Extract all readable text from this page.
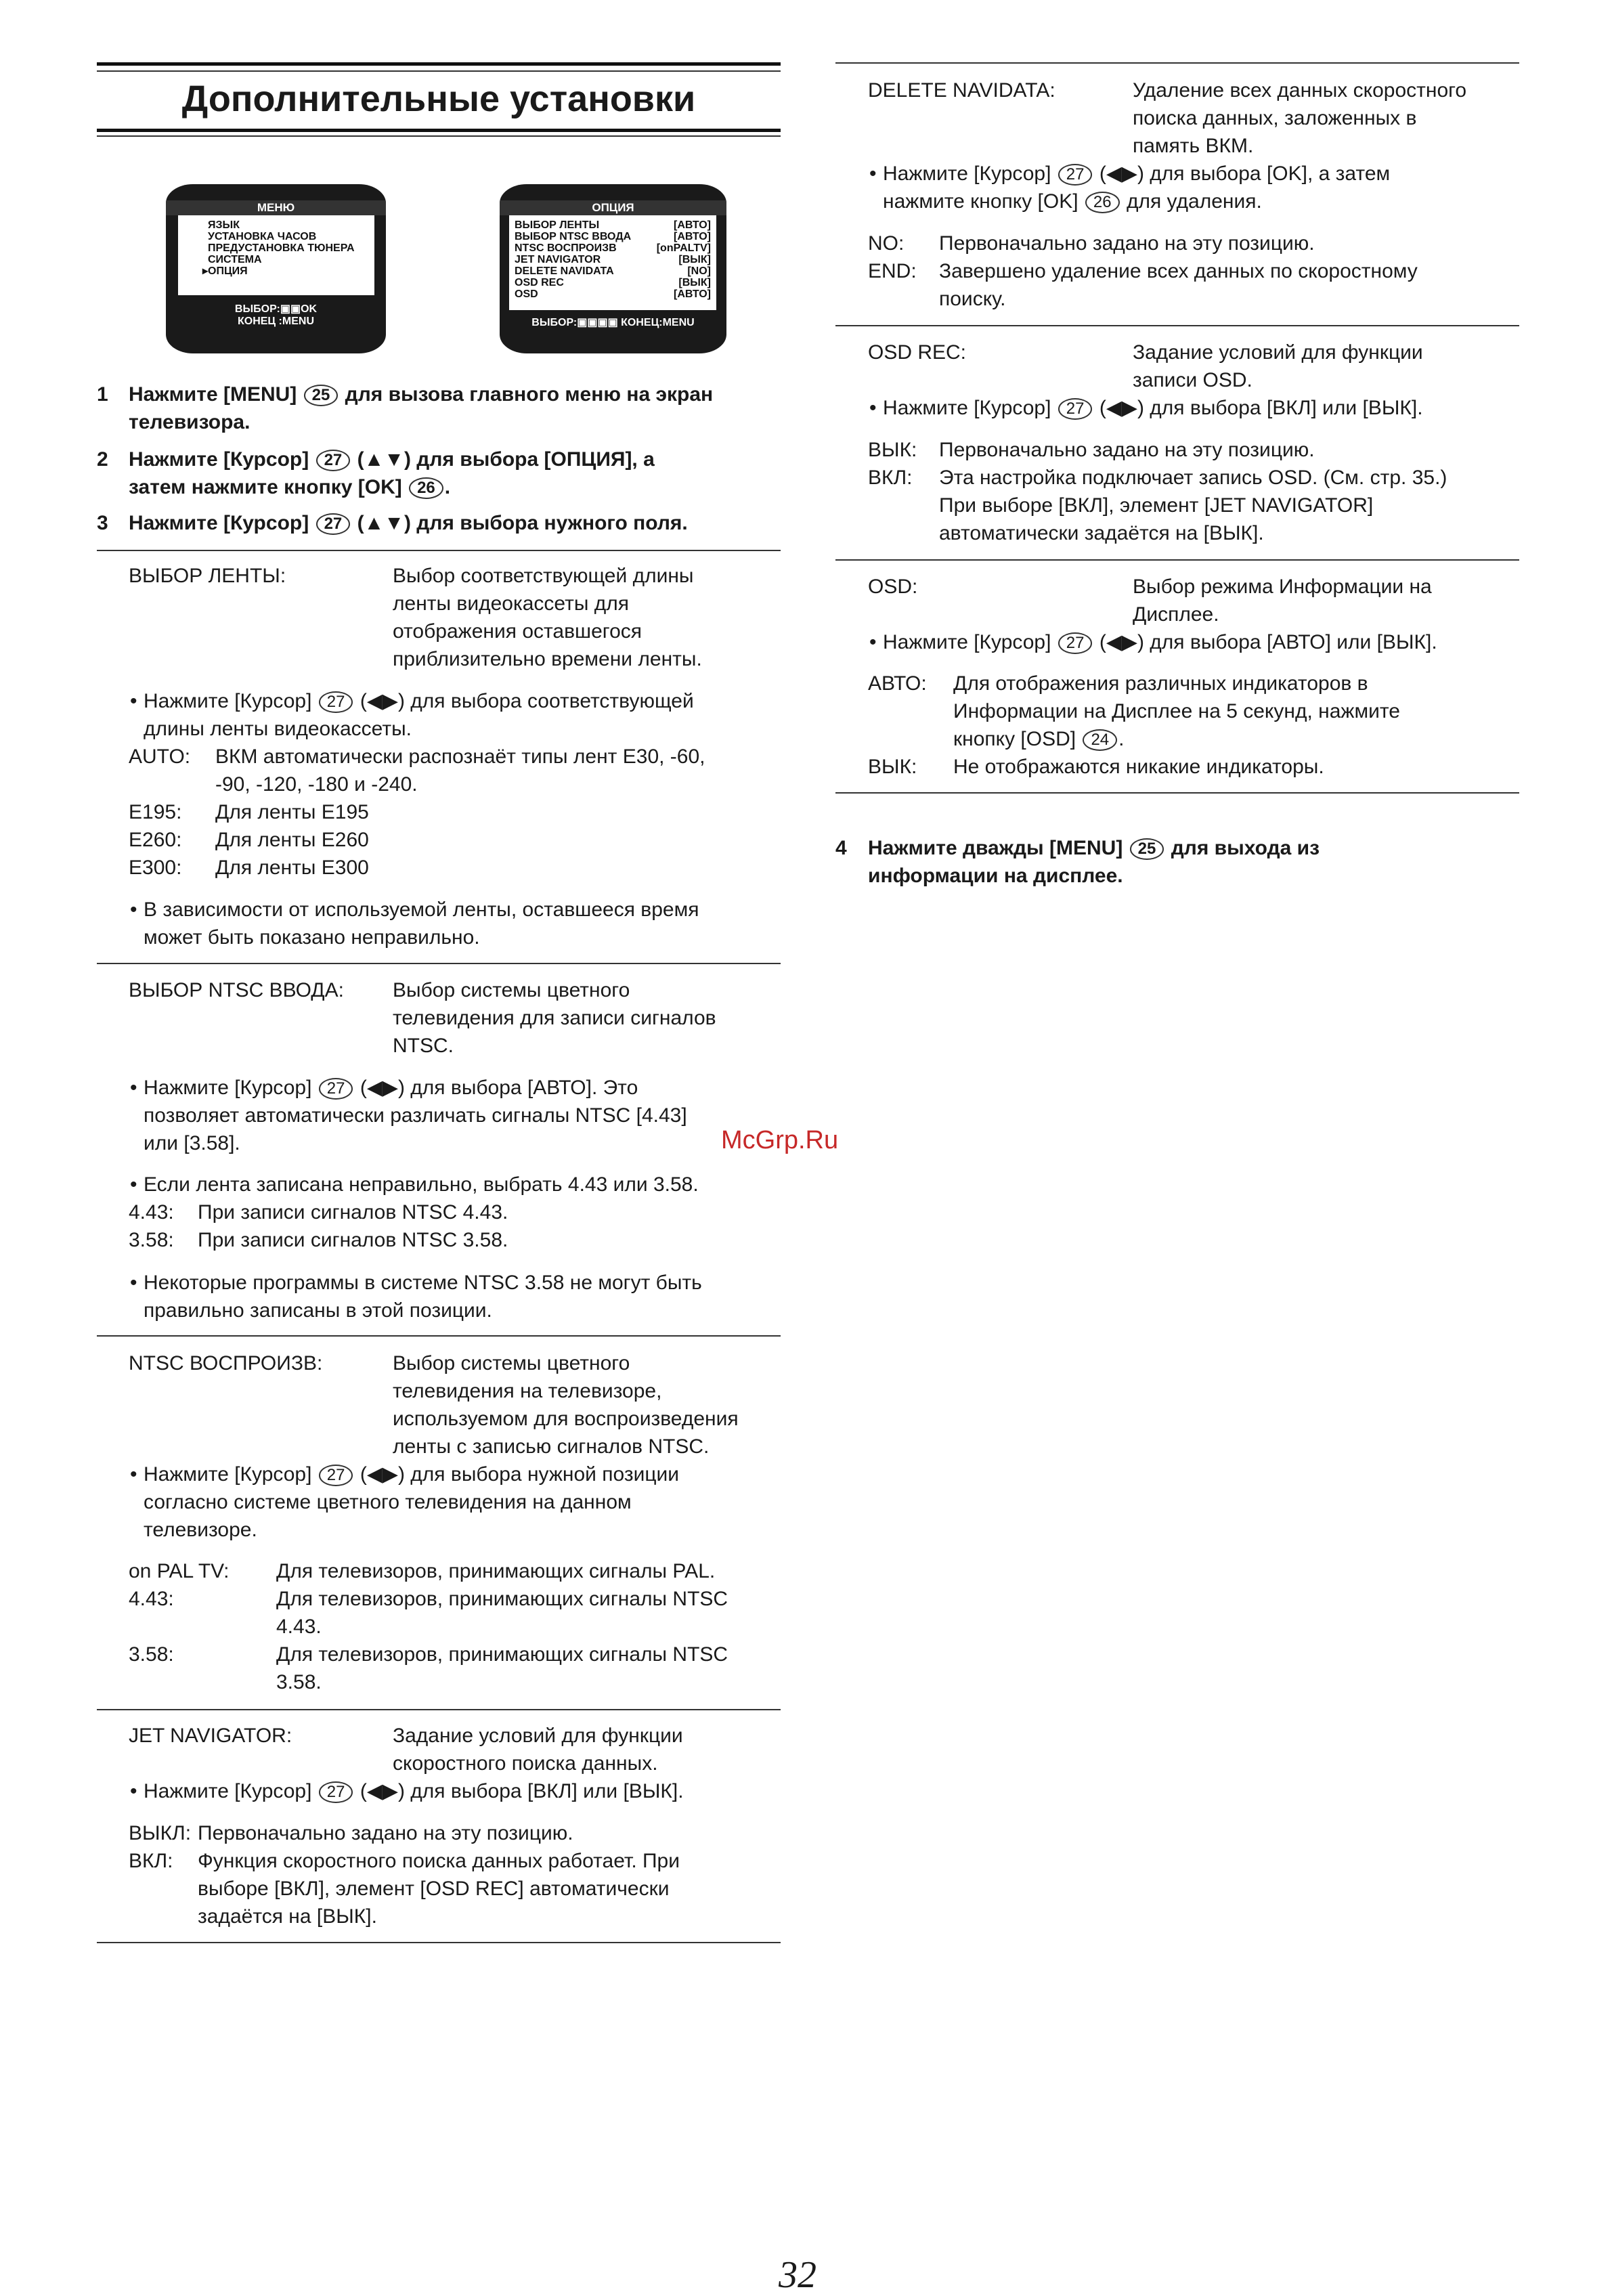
Дополнительные установки
МЕНЮ
ЯЗЫК
УСТАНОВКА ЧАСОВ
ПРЕДУСТАНОВКА ТЮНЕРА
СИСТЕМА
▸ОПЦИЯ
ВЫБОР:▣▣OK
КОНЕЦ :MENU
ОПЦИЯ
ВЫБОР ЛЕНТЫ	[АВТО]
ВЫБОР NTSC ВВОДА	[АВТО]
NTSC ВОСПРОИЗВ	[onPALTV]
JET NAVIGATOR	[ВЫК]
DELETE NAVIDATA	[NO]
OSD REC	[ВЫК]
OSD	[АВТО]
ВЫБОР:▣▣▣▣ КОНЕЦ:MENU
1 Нажмите [MENU] 25 для вызова главного меню на экран
телевизора.
2 Нажмите [Курсор] 27 (▲▼) для выбора [ОПЦИЯ], а
затем нажмите кнопку [OK] 26 .
3 Нажмите [Курсор] 27 (▲▼) для выбора нужного поля.
ВЫБОР ЛЕНТЫ:	Выбор соответствующей длины
ленты видеокассеты для
отображения оставшегося
приблизительно времени ленты.
• Нажмите [Курсор] 27 (◀▶) для выбора соответствующей
длины ленты видеокассеты.
AUTO: ВКМ автоматически распознаёт типы лент Е30, -60,
-90, -120, -180 и -240.
E195: Для ленты E195
E260: Для ленты E260
E300: Для ленты E300
• В зависимости от используемой ленты, оставшееся время
может быть показано неправильно.
ВЫБОР NTSC ВВОДА: Выбор системы цветного
телевидения для записи сигналов
NTSC.
• Нажмите [Курсор] 27 (◀▶) для выбора [АВТО]. Это
позволяет автоматически различать сигналы NTSC [4.43]
или [3.58].
• Если лента записана неправильно, выбрать 4.43 или 3.58.
4.43: При записи сигналов NTSC 4.43.
3.58: При записи сигналов NTSC 3.58.
• Некоторые программы в системе NTSC 3.58 не могут быть
правильно записаны в этой позиции.
NTSC ВОСПРОИЗВ:	Выбор системы цветного
телевидения на телевизоре,
используемом для воспроизведения
ленты с записью сигналов NTSC.
• Нажмите [Курсор] 27 (◀▶) для выбора нужной позиции
согласно системе цветного телевидения на данном
телевизоре.
on PAL TV: Для телевизоров, принимающих сигналы PAL.
4.43:	Для телевизоров, принимающих сигналы NTSC
4.43.
3.58:	Для телевизоров, принимающих сигналы NTSC
3.58.
JET NAVIGATOR:	Задание условий для функции
скоростного поиска данных.
• Нажмите [Курсор] 27 (◀▶) для выбора [ВКЛ] или [ВЫК].
ВЫКЛ: Первоначально задано на эту позицию.
ВКЛ: Функция скоростного поиска данных работает. При
выборе [ВКЛ], элемент [OSD REC] автоматически
задаётся на [ВЫК].
DELETE NAVIDATA:	Удаление всех данных скоростного
поиска данных, заложенных в
память ВКМ.
• Нажмите [Курсор] 27 (◀▶) для выбора [OK], а затем
нажмите кнопку [OK] 26 для удаления.
NO: Первоначально задано на эту позицию.
END: Завершено удаление всех данных по скоростному
поиску.
OSD REC:	Задание условий для функции
записи OSD.
• Нажмите [Курсор] 27 (◀▶) для выбора [ВКЛ] или [ВЫК].
ВЫК: Первоначально задано на эту позицию.
ВКЛ: Эта настройка подключает запись OSD. (См. стр. 35.)
При выборе [ВКЛ], элемент [JET NAVIGATOR]
автоматически задаётся на [ВЫК].
OSD:	Выбор режима Информации на
Дисплее.
• Нажмите [Курсор] 27 (◀▶) для выбора [АВТО] или [ВЫК].
АВТО: Для отображения различных индикаторов в
Информации на Дисплее на 5 секунд, нажмите
кнопку [OSD] 24 .
ВЫК: Не отображаются никакие индикаторы.
4 Нажмите дважды [MENU] 25 для выхода из
информации на дисплее.
McGrp.Ru
32
